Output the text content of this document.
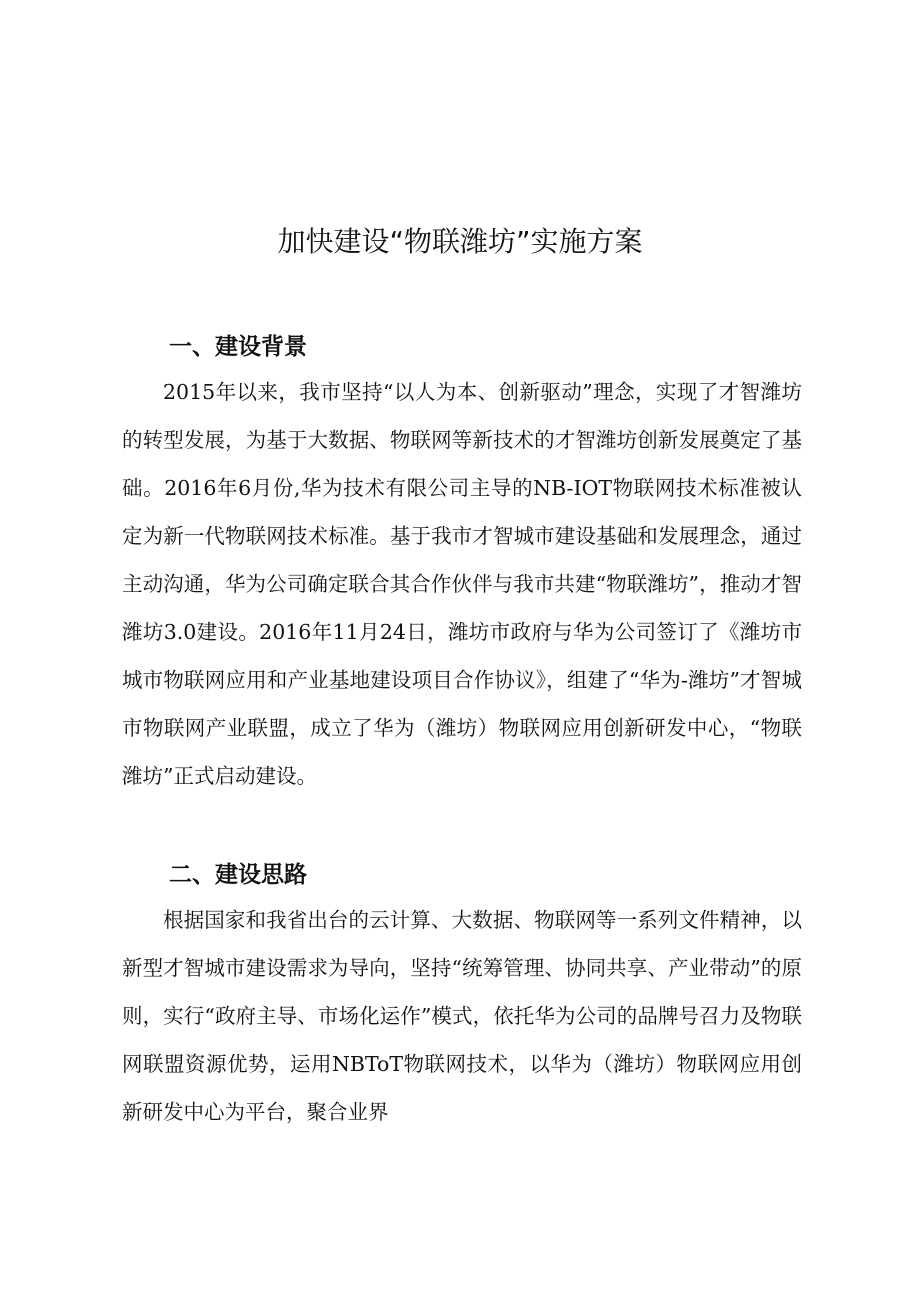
加快建设“物联潍坊”实施方案
一、建设背景

2015年以来，我市坚持“以人为本、创新驱动”理念，实现了才智潍坊的转型发展，为基于大数据、物联网等新技术的才智潍坊创新发展奠定了基础。2016年6月份,华为技术有限公司主导的NB-IOT物联网技术标准被认定为新一代物联网技术标准。基于我市才智城市建设基础和发展理念，通过主动沟通，华为公司确定联合其合作伙伴与我市共建“物联潍坊”，推动才智潍坊3.0建设。2016年11月24日，潍坊市政府与华为公司签订了《潍坊市城市物联网应用和产业基地建设项目合作协议》，组建了“华为-潍坊”才智城市物联网产业联盟，成立了华为（潍坊）物联网应用创新研发中心，“物联潍坊”正式启动建设。

二、建设思路

根据国家和我省出台的云计算、大数据、物联网等一系列文件精神，以新型才智城市建设需求为导向，坚持“统筹管理、协同共享、产业带动”的原则，实行“政府主导、市场化运作”模式，依托华为公司的品牌号召力及物联网联盟资源优势，运用NBToT物联网技术，以华为（潍坊）物联网应用创新研发中心为平台，聚合业界
